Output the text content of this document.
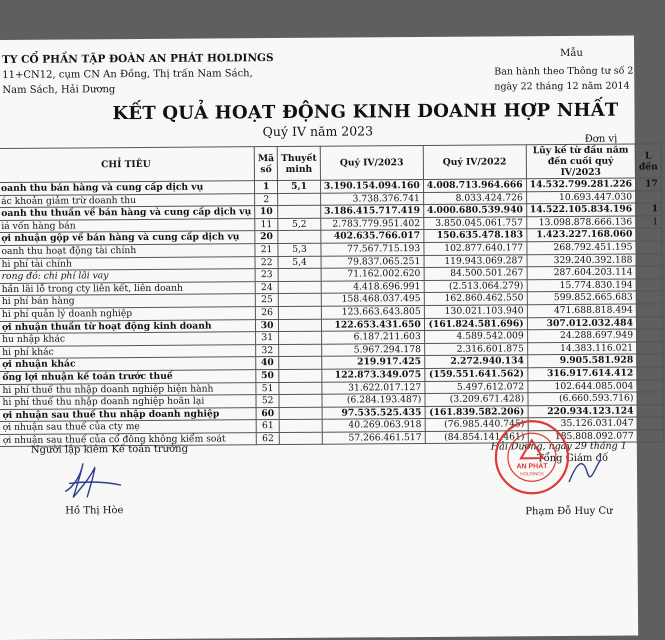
TY CỔ PHẦN TẬP ĐOÀN AN PHÁT HOLDINGS
11+CN12, cụm CN An Đồng, Thị trấn Nam Sách,
Nam Sách, Hải Dương
Mẫu
Ban hành theo Thông tư số 2
ngày 22 tháng 12 năm 2014
KẾT QUẢ HOẠT ĐỘNG KINH DOANH HỢP NHẤT
Quý IV năm 2023
Đơn vị
CHỈ TIÊU	Mã số	Thuyết minh	Quý IV/2023	Quý IV/2022	Lũy kế từ đầu năm đến cuối quý IV/2023	L đến
oanh thu bán hàng và cung cấp dịch vụ	1	5,1	3.190.154.094.160	4.008.713.964.666	14.532.799.281.226	17
ác khoản giảm trừ doanh thu	2		3.738.376.741	8.033.424.726	10.693.447.030	
oanh thu thuần về bán hàng và cung cấp dịch vụ	10		3.186.415.717.419	4.000.680.539.940	14.522.105.834.196	1
iá vốn hàng bán	11	5,2	2.783.779.951.402	3.850.045.061.757	13.098.878.666.136	1
ợi nhuận gộp về bán hàng và cung cấp dịch vụ	20		402.635.766.017	150.635.478.183	1.423.227.168.060	
oanh thu hoạt động tài chính	21	5,3	77.567.715.193	102.877.640.177	268.792.451.195	
hi phí tài chính	22	5,4	79.837.065.251	119.943.069.287	329.240.392.188	
rong đó: chi phí lãi vay	23		71.162.002.620	84.500.501.267	287.604.203.114	
hần lãi lỗ trong cty liên kết, liên doanh	24		4.418.696.991	(2.513.064.279)	15.774.830.194	
hi phí bán hàng	25		158.468.037.495	162.860.462.550	599.852.665.683	
hi phí quản lý doanh nghiệp	26		123.663.643.805	130.021.103.940	471.688.818.494	
ợi nhuận thuần từ hoạt động kinh doanh	30		122.653.431.650	(161.824.581.696)	307.012.032.484	
hu nhập khác	31		6.187.211.603	4.589.542.009	24.288.697.949	
hi phí khác	32		5.967.294.178	2.316.601.875	14.383.116.021	
ợi nhuận khác	40		219.917.425	2.272.940.134	9.905.581.928	
ổng lợi nhuận kế toán trước thuế	50		122.873.349.075	(159.551.641.562)	316.917.614.412	
hi phí thuế thu nhập doanh nghiệp hiện hành	51		31.622.017.127	5.497.612.072	102.644.085.004	
hi phí thuế thu nhập doanh nghiệp hoãn lại	52		(6.284.193.487)	(3.209.671.428)	(6.660.593.716)	
ợi nhuận sau thuế thu nhập doanh nghiệp	60		97.535.525.435	(161.839.582.206)	220.934.123.124	
ợi nhuận sau thuế của cty mẹ	61		40.269.063.918	(76.985.440.745)	35.126.031.047	
ợi nhuận sau thuế của cổ đông không kiểm soát	62		57.266.461.517	(84.854.141.461)	185.808.092.077	
Người lập kiêm Kế toán trưởng
Hồ Thị Hòe
Hải Dương, ngày 29 tháng 1
Tổng Giám đố
AN PHÁT
HOLDINGS
Phạm Đỗ Huy Cư
